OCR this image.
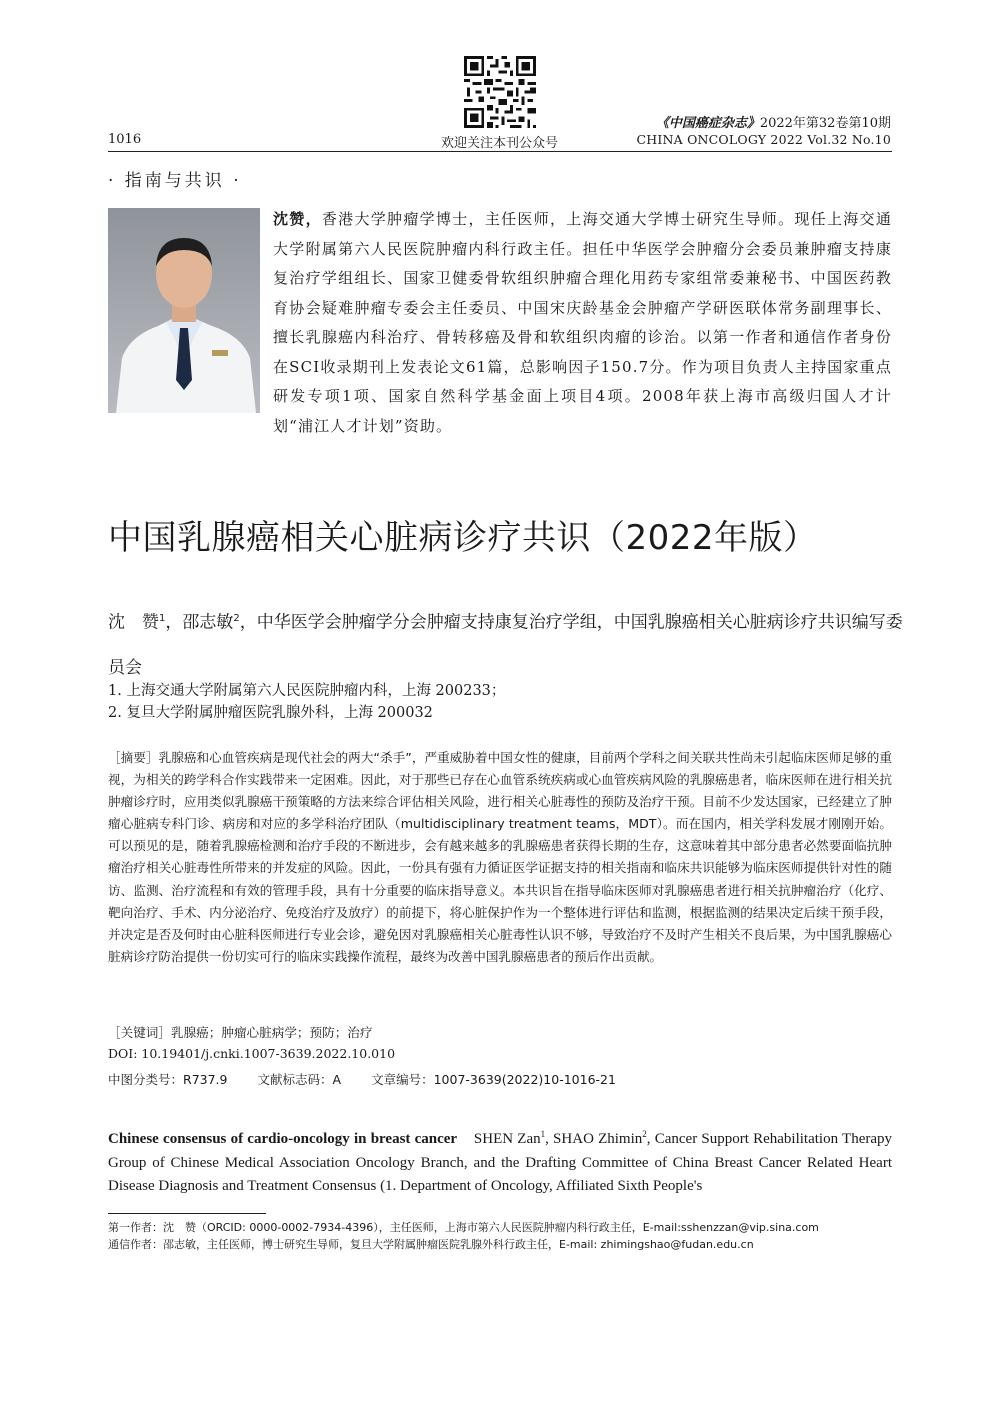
欢迎关注本刊公众号
1016
《中国癌症杂志》2022年第32卷第10期
CHINA ONCOLOGY 2022 Vol.32 No.10
· 指南与共识 ·
沈赞，香港大学肿瘤学博士，主任医师，上海交通大学博士研究生导师。现任上海交通大学附属第六人民医院肿瘤内科行政主任。担任中华医学会肿瘤分会委员兼肿瘤支持康复治疗学组组长、国家卫健委骨软组织肿瘤合理化用药专家组常委兼秘书、中国医药教育协会疑难肿瘤专委会主任委员、中国宋庆龄基金会肿瘤产学研医联体常务副理事长、擅长乳腺癌内科治疗、骨转移癌及骨和软组织肉瘤的诊治。以第一作者和通信作者身份在SCI收录期刊上发表论文61篇，总影响因子150.7分。作为项目负责人主持国家重点研发专项1项、国家自然科学基金面上项目4项。2008年获上海市高级归国人才计划“浦江人才计划”资助。
中国乳腺癌相关心脏病诊疗共识（2022年版）
沈　赞$^1$，邵志敏$^2$，中华医学会肿瘤学分会肿瘤支持康复治疗学组，中国乳腺癌相关心脏病诊疗共识编写委员会
1. 上海交通大学附属第六人民医院肿瘤内科，上海 200233；
2. 复旦大学附属肿瘤医院乳腺外科，上海 200032
［摘要］乳腺癌和心血管疾病是现代社会的两大“杀手”，严重威胁着中国女性的健康，目前两个学科之间关联共性尚未引起临床医师足够的重视，为相关的跨学科合作实践带来一定困难。因此，对于那些已存在心血管系统疾病或心血管疾病风险的乳腺癌患者，临床医师在进行相关抗肿瘤诊疗时，应用类似乳腺癌干预策略的方法来综合评估相关风险，进行相关心脏毒性的预防及治疗干预。目前不少发达国家，已经建立了肿瘤心脏病专科门诊、病房和对应的多学科治疗团队（multidisciplinary treatment teams，MDT）。而在国内，相关学科发展才刚刚开始。可以预见的是，随着乳腺癌检测和治疗手段的不断进步，会有越来越多的乳腺癌患者获得长期的生存，这意味着其中部分患者必然要面临抗肿瘤治疗相关心脏毒性所带来的并发症的风险。因此，一份具有强有力循证医学证据支持的相关指南和临床共识能够为临床医师提供针对性的随访、监测、治疗流程和有效的管理手段，具有十分重要的临床指导意义。本共识旨在指导临床医师对乳腺癌患者进行相关抗肿瘤治疗（化疗、靶向治疗、手术、内分泌治疗、免疫治疗及放疗）的前提下，将心脏保护作为一个整体进行评估和监测，根据监测的结果决定后续干预手段，并决定是否及何时由心脏科医师进行专业会诊，避免因对乳腺癌相关心脏毒性认识不够，导致治疗不及时产生相关不良后果，为中国乳腺癌心脏病诊疗防治提供一份切实可行的临床实践操作流程，最终为改善中国乳腺癌患者的预后作出贡献。
［关键词］乳腺癌；肿瘤心脏病学；预防；治疗
DOI: 10.19401/j.cnki.1007-3639.2022.10.010
中图分类号：R737.9 文献标志码：A 文章编号：1007-3639(2022)10-1016-21
Chinese consensus of cardio-oncology in breast cancer SHEN Zan$^1$, SHAO Zhimin$^2$, Cancer Support Rehabilitation Therapy Group of Chinese Medical Association Oncology Branch, and the Drafting Committee of China Breast Cancer Related Heart Disease Diagnosis and Treatment Consensus (1. Department of Oncology, Affiliated Sixth People's
第一作者：沈　赞（ORCID: 0000-0002-7934-4396），主任医师，上海市第六人民医院肿瘤内科行政主任，E-mail:sshenzzan@vip.sina.com
通信作者：邵志敏，主任医师，博士研究生导师，复旦大学附属肿瘤医院乳腺外科行政主任，E-mail: zhimingshao@fudan.edu.cn
